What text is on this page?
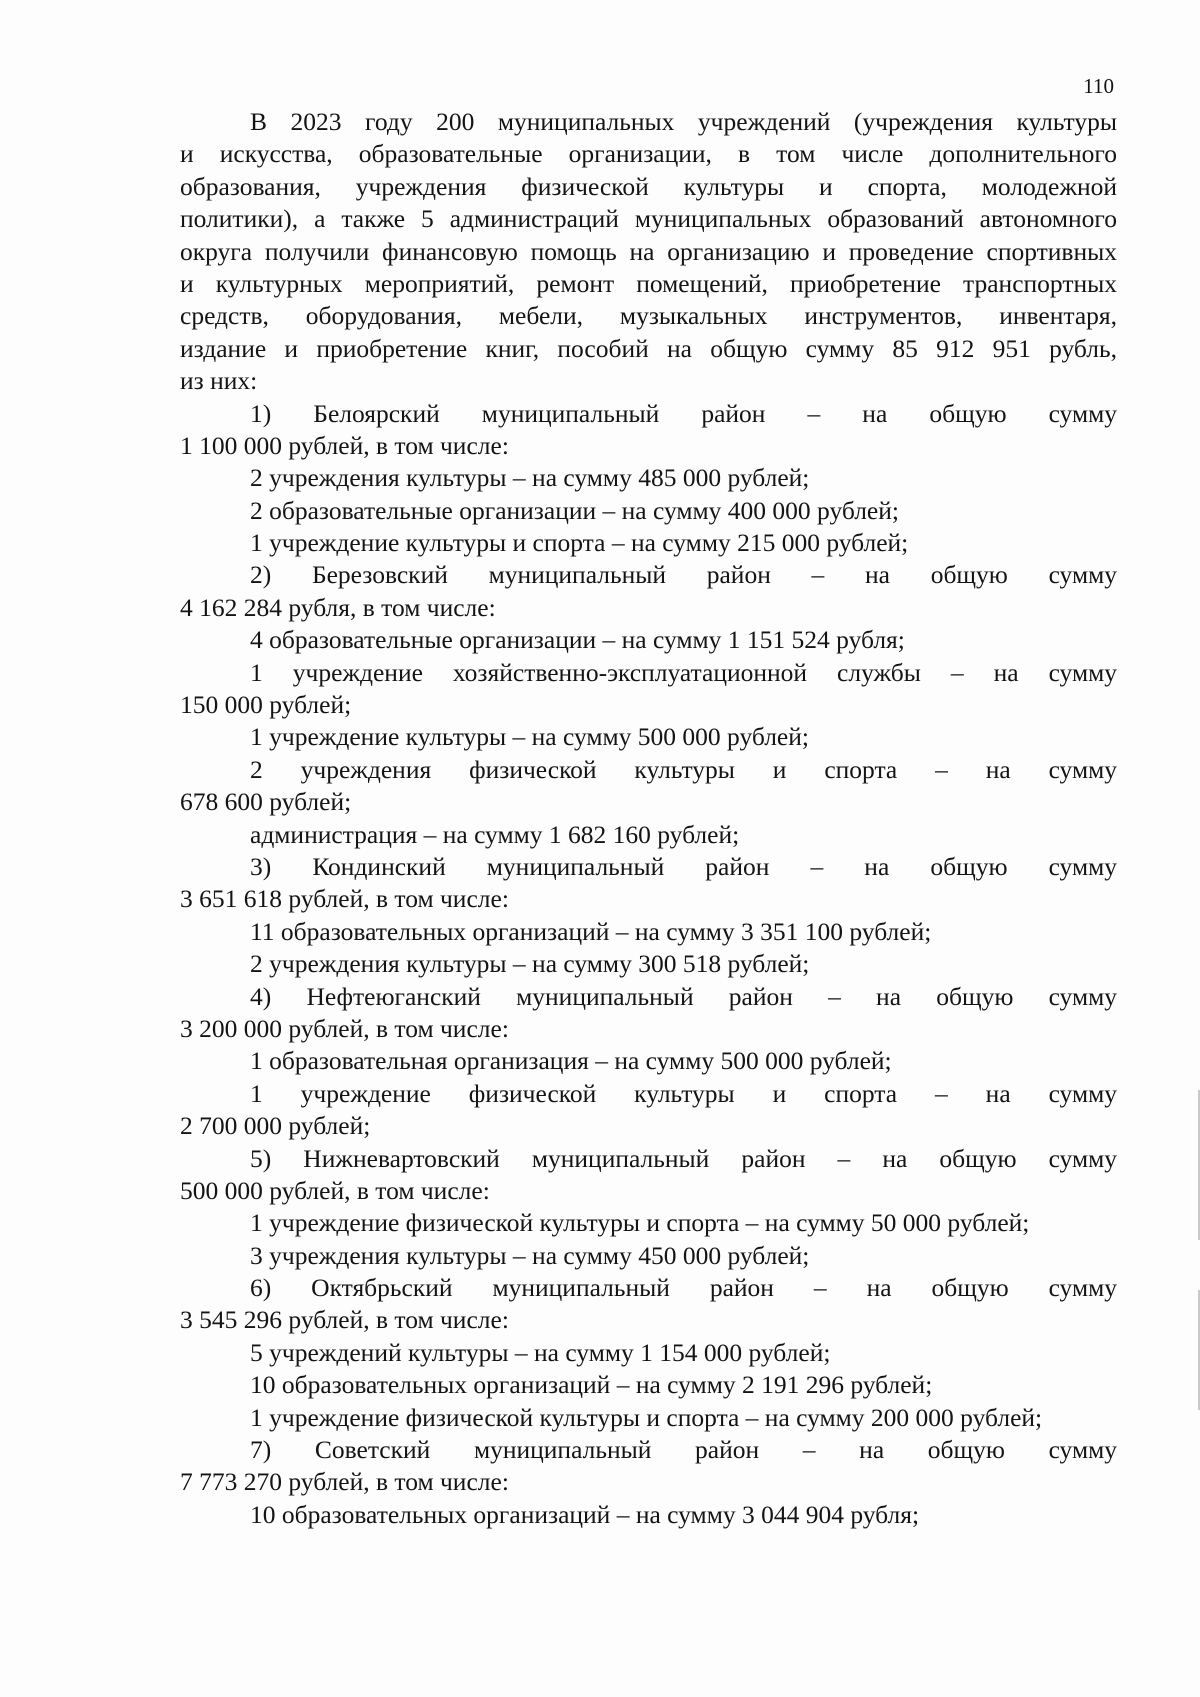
110
В 2023 году 200 муниципальных учреждений (учреждения культуры
и искусства, образовательные организации, в том числе дополнительного
образования, учреждения физической культуры и спорта, молодежной
политики), а также 5 администраций муниципальных образований автономного
округа получили финансовую помощь на организацию и проведение спортивных
и культурных мероприятий, ремонт помещений, приобретение транспортных
средств, оборудования, мебели, музыкальных инструментов, инвентаря,
издание и приобретение книг, пособий на общую сумму 85 912 951 рубль,
из них:
1) Белоярский муниципальный район – на общую сумму
1 100 000 рублей, в том числе:
2 учреждения культуры – на сумму 485 000 рублей;
2 образовательные организации – на сумму 400 000 рублей;
1 учреждение культуры и спорта – на сумму 215 000 рублей;
2) Березовский муниципальный район – на общую сумму
4 162 284 рубля, в том числе:
4 образовательные организации – на сумму 1 151 524 рубля;
1 учреждение хозяйственно-эксплуатационной службы – на сумму
150 000 рублей;
1 учреждение культуры – на сумму 500 000 рублей;
2 учреждения физической культуры и спорта – на сумму
678 600 рублей;
администрация – на сумму 1 682 160 рублей;
3) Кондинский муниципальный район – на общую сумму
3 651 618 рублей, в том числе:
11 образовательных организаций – на сумму 3 351 100 рублей;
2 учреждения культуры – на сумму 300 518 рублей;
4) Нефтеюганский муниципальный район – на общую сумму
3 200 000 рублей, в том числе:
1 образовательная организация – на сумму 500 000 рублей;
1 учреждение физической культуры и спорта – на сумму
2 700 000 рублей;
5) Нижневартовский муниципальный район – на общую сумму
500 000 рублей, в том числе:
1 учреждение физической культуры и спорта – на сумму 50 000 рублей;
3 учреждения культуры – на сумму 450 000 рублей;
6) Октябрьский муниципальный район – на общую сумму
3 545 296 рублей, в том числе:
5 учреждений культуры – на сумму 1 154 000 рублей;
10 образовательных организаций – на сумму 2 191 296 рублей;
1 учреждение физической культуры и спорта – на сумму 200 000 рублей;
7) Советский муниципальный район – на общую сумму
7 773 270 рублей, в том числе:
10 образовательных организаций – на сумму 3 044 904 рубля;
